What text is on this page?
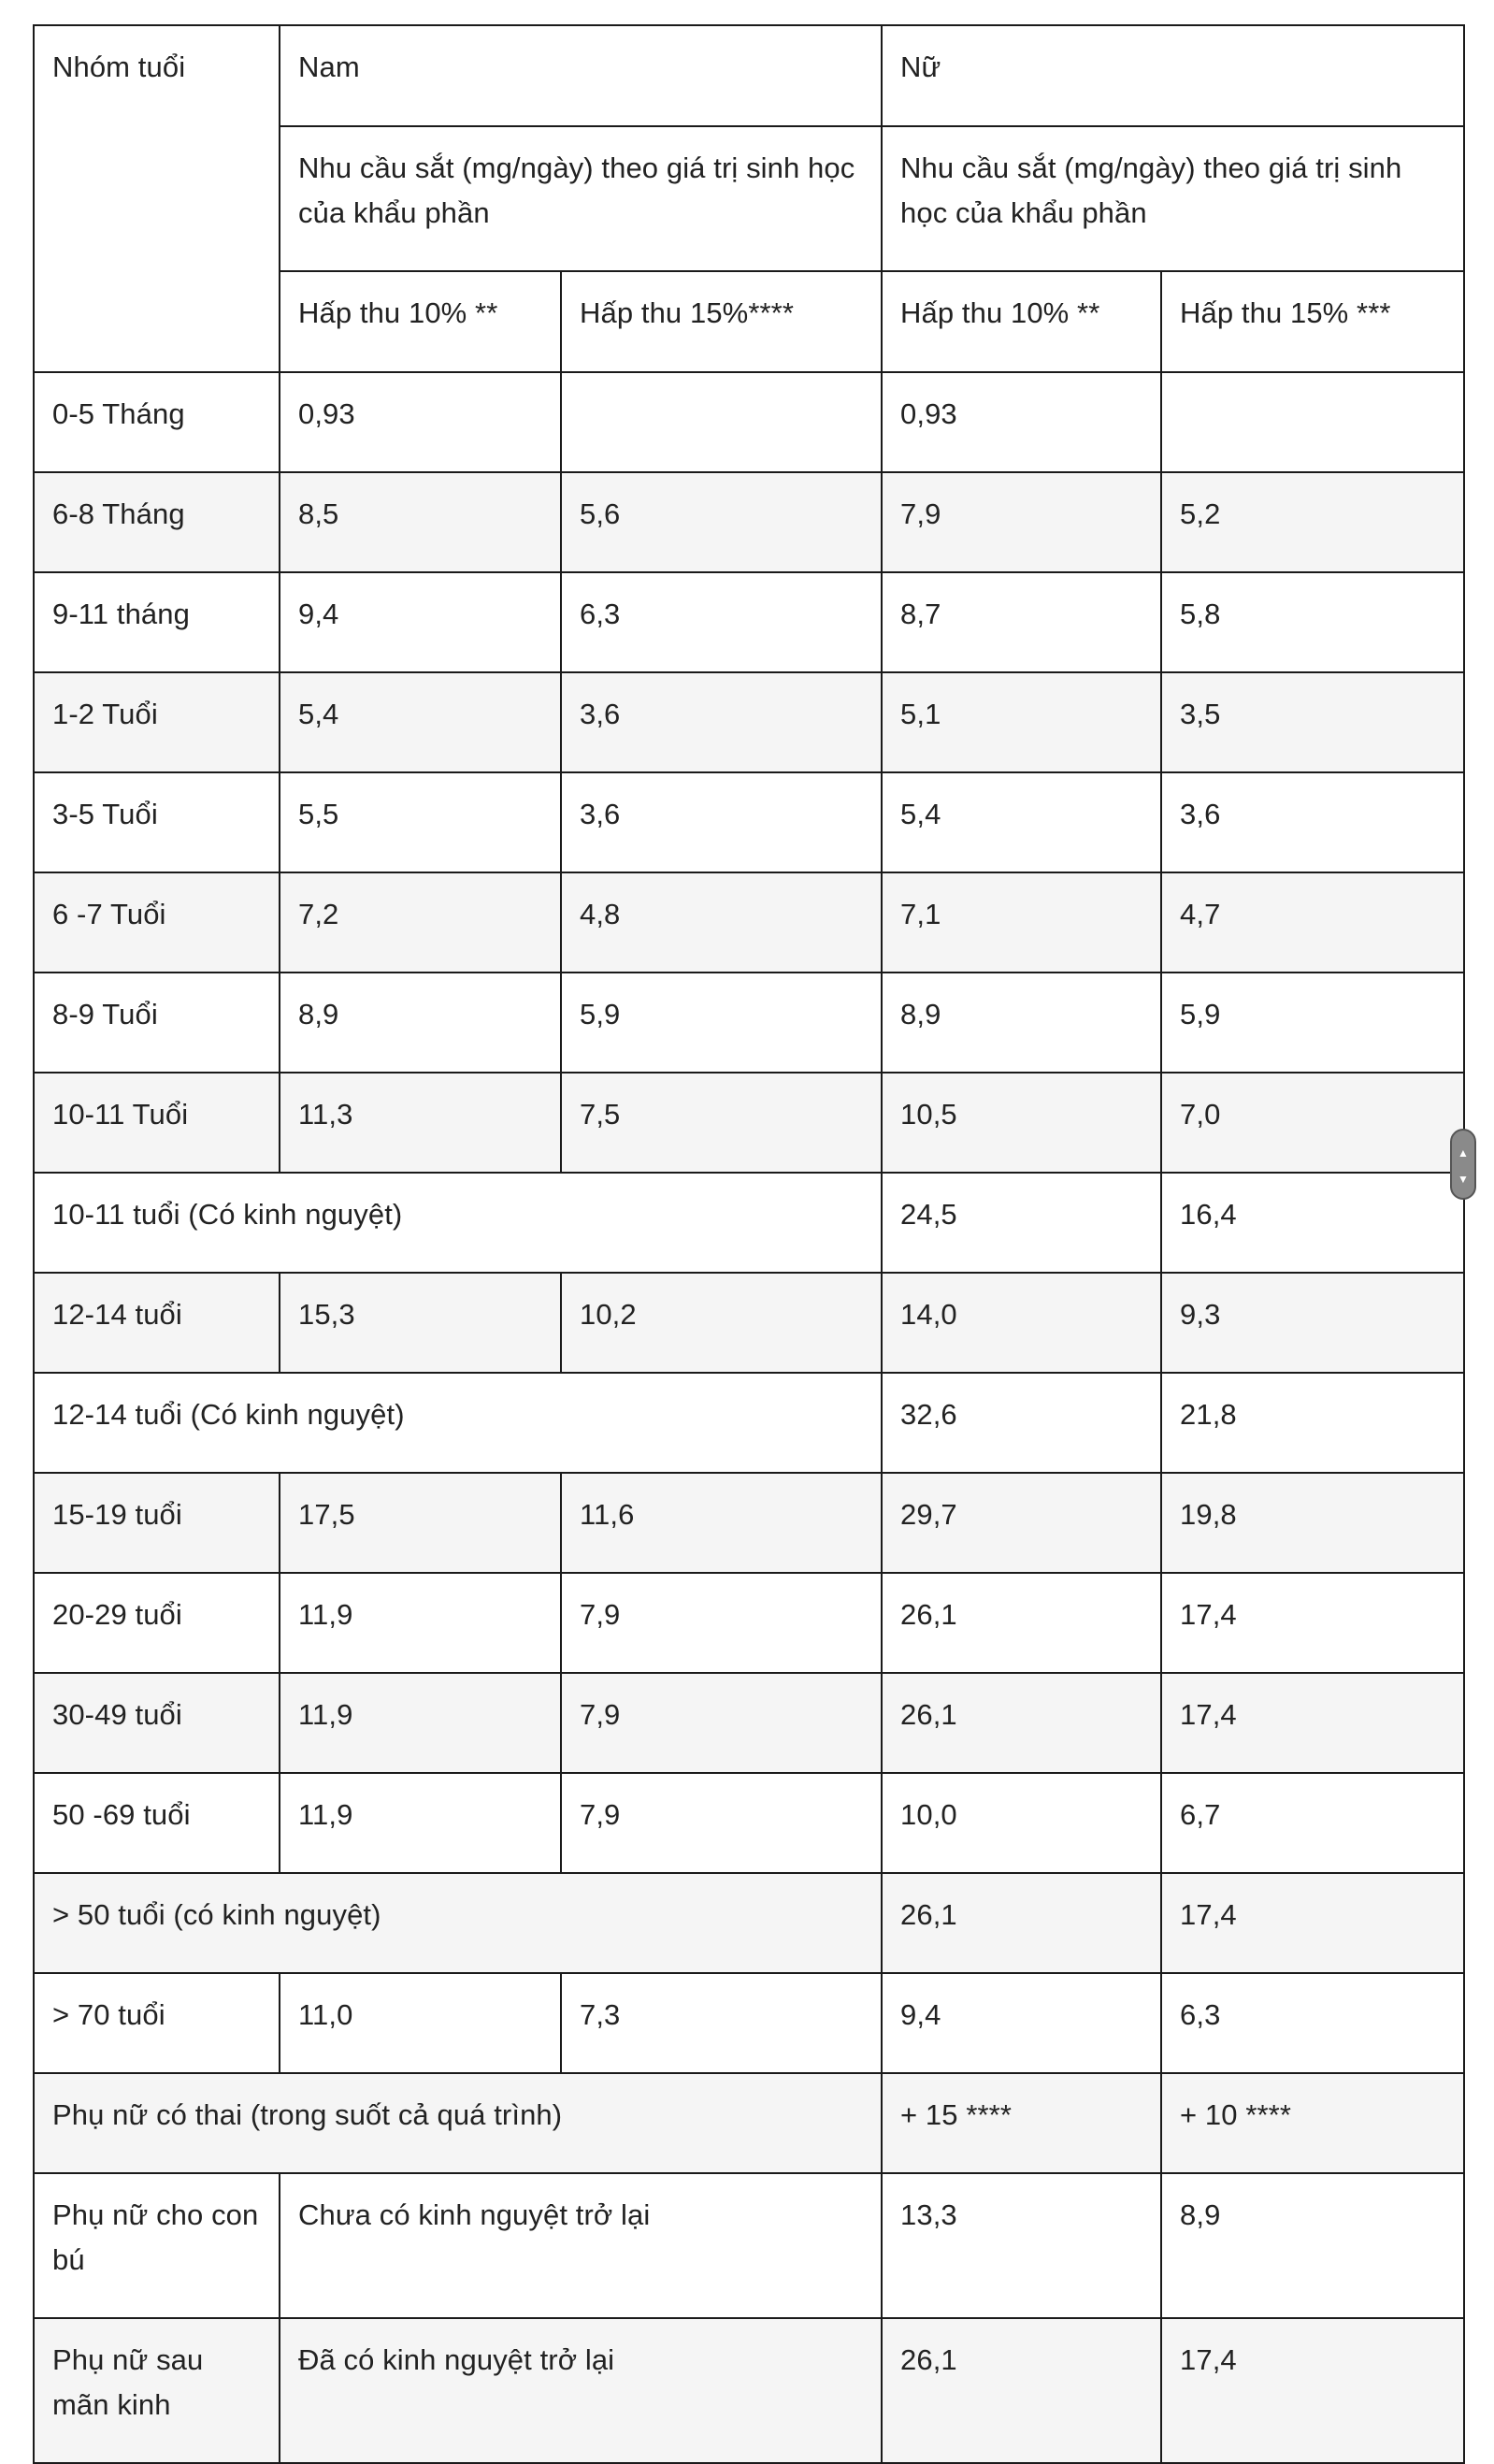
Nhóm tuổi	Nam		Nữ	
	Nhu cầu sắt (mg/ngày) theo giá trị sinh học của khẩu phần		Nhu cầu sắt (mg/ngày) theo giá trị sinh học của khẩu phần	
	Hấp thu 10% **	Hấp thu 15%****	Hấp thu 10% **	Hấp thu 15% ***
0-5 Tháng	0,93		0,93	
6-8 Tháng	8,5	5,6	7,9	5,2
9-11 tháng	9,4	6,3	8,7	5,8
1-2 Tuổi	5,4	3,6	5,1	3,5
3-5 Tuổi	5,5	3,6	5,4	3,6
6 -7 Tuổi	7,2	4,8	7,1	4,7
8-9 Tuổi	8,9	5,9	8,9	5,9
10-11 Tuổi	11,3	7,5	10,5	7,0
10-11 tuổi (Có kinh nguyệt)			24,5	16,4
12-14 tuổi	15,3	10,2	14,0	9,3
12-14 tuổi (Có kinh nguyệt)			32,6	21,8
15-19 tuổi	17,5	11,6	29,7	19,8
20-29 tuổi	11,9	7,9	26,1	17,4
30-49 tuổi	11,9	7,9	26,1	17,4
50 -69 tuổi	11,9	7,9	10,0	6,7
> 50 tuổi (có kinh nguyệt)			26,1	17,4
> 70 tuổi	11,0	7,3	9,4	6,3
Phụ nữ có thai (trong suốt cả quá trình)			+ 15 ****	+ 10 ****
Phụ nữ cho con bú	Chưa có kinh nguyệt trở lại		13,3	8,9
Phụ nữ sau mãn kinh	Đã có kinh nguyệt trở lại		26,1	17,4
▲
▼
